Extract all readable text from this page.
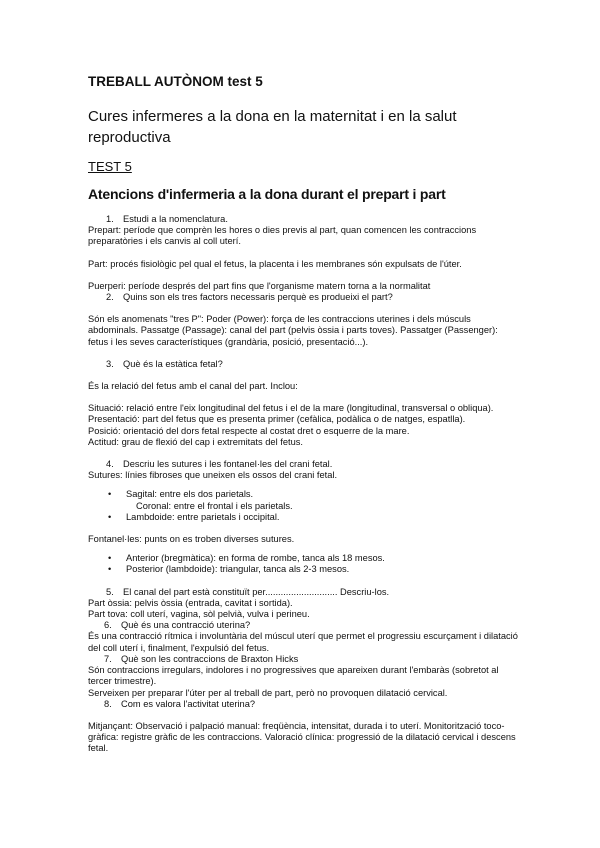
TREBALL AUTÒNOM test 5
Cures infermeres a la dona en la maternitat i en la salut reproductiva
TEST 5
Atencions d'infermeria a la dona durant el prepart i part

1. Estudi a la nomenclatura.

Prepart: període que comprèn les hores o dies previs al part, quan comencen les contraccions preparatòries i els canvis al coll uterí.

Part: procés fisiològic pel qual el fetus, la placenta i les membranes són expulsats de l'úter.

Puerperi: període després del part fins que l'organisme matern torna a la normalitat

2. Quins son els tres factors necessaris perquè es produeixi el part?

Són els anomenats "tres P": Poder (Power): força de les contraccions uterines i dels músculs abdominals. Passatge (Passage): canal del part (pelvis òssia i parts toves). Passatger (Passenger): fetus i les seves característiques (grandària, posició, presentació...).

3. Què és la estàtica fetal?

És la relació del fetus amb el canal del part. Inclou:

Situació: relació entre l'eix longitudinal del fetus i el de la mare (longitudinal, transversal o obliqua).

Presentació: part del fetus que es presenta primer (cefàlica, podàlica o de natges, espatlla).

Posició: orientació del dors fetal respecte al costat dret o esquerre de la mare.

Actitud: grau de flexió del cap i extremitats del fetus.

4. Descriu les sutures i les fontanel·les del crani fetal.

Sutures: línies fibroses que uneixen els ossos del crani fetal.

• Sagital: entre els dos parietals.

Coronal: entre el frontal i els parietals.

• Lambdoide: entre parietals i occipital.

Fontanel·les: punts on es troben diverses sutures.

• Anterior (bregmàtica): en forma de rombe, tanca als 18 mesos.
• Posterior (lambdoide): triangular, tanca als 2-3 mesos.

5. El canal del part està constituït per............................ Descriu-los.

Part òssia: pelvis òssia (entrada, cavitat i sortida).

Part tova: coll uterí, vagina, sòl pelvià, vulva i perineu.

6. Què és una contracció uterina?

És una contracció rítmica i involuntària del múscul uterí que permet el progressiu escurçament i dilatació del coll uterí i, finalment, l'expulsió del fetus.

7. Què son les contraccions de Braxton Hicks

Són contraccions irregulars, indolores i no progressives que apareixen durant l'embaràs (sobretot al tercer trimestre).

Serveixen per preparar l'úter per al treball de part, però no provoquen dilatació cervical.

8. Com es valora l'activitat uterina?

Mitjançant: Observació i palpació manual: freqüència, intensitat, durada i to uterí. Monitorització toco-gràfica: registre gràfic de les contraccions. Valoració clínica: progressió de la dilatació cervical i descens fetal.
